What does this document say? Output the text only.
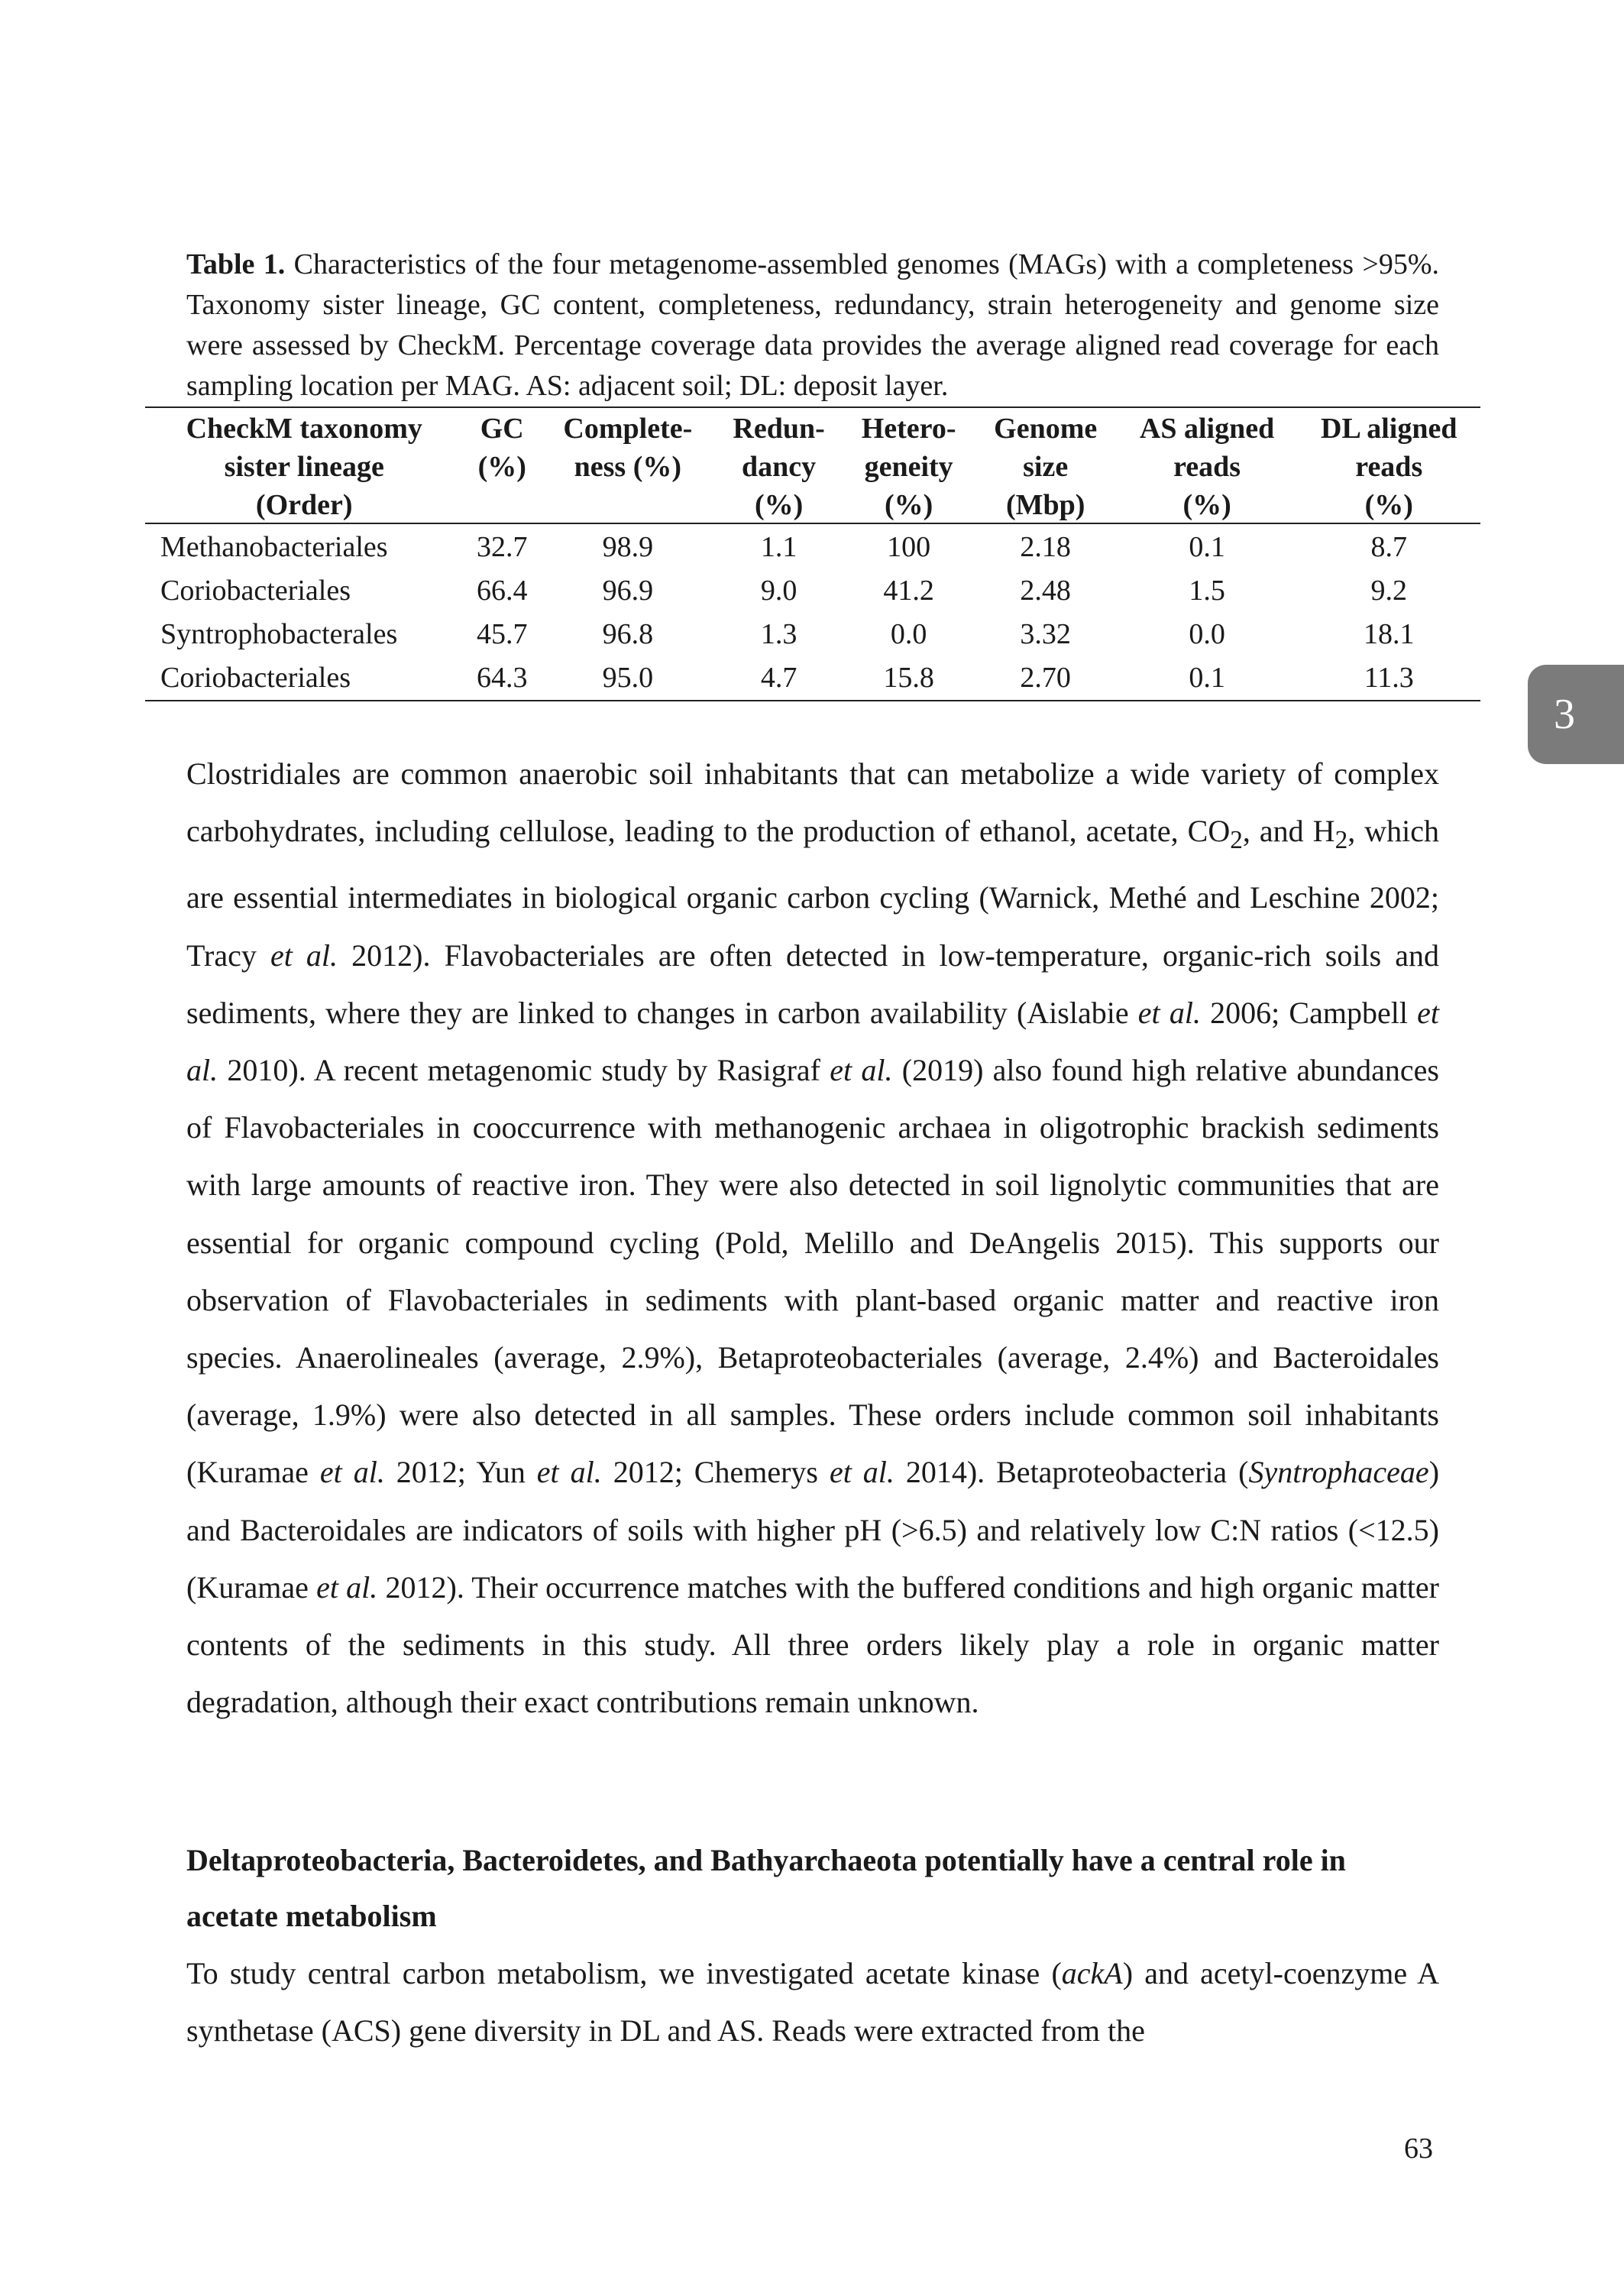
Table 1. Characteristics of the four metagenome-assembled genomes (MAGs) with a completeness >95%. Taxonomy sister lineage, GC content, completeness, redundancy, strain heterogeneity and genome size were assessed by CheckM. Percentage coverage data provides the average aligned read coverage for each sampling location per MAG. AS: adjacent soil; DL: deposit layer.
CheckM taxonomy	GC	Complete-	Redun-	Hetero-	Genome	AS aligned	DL aligned
sister lineage	(%)	ness (%)	dancy	geneity	size	reads	reads
(Order)			(%)	(%)	(Mbp)	(%)	(%)
Methanobacteriales	32.7	98.9	1.1	100	2.18	0.1	8.7
Coriobacteriales	66.4	96.9	9.0	41.2	2.48	1.5	9.2
Syntrophobacterales	45.7	96.8	1.3	0.0	3.32	0.0	18.1
Coriobacteriales	64.3	95.0	4.7	15.8	2.70	0.1	11.3
3

Clostridiales are common anaerobic soil inhabitants that can metabolize a wide variety of complex carbohydrates, including cellulose, leading to the production of ethanol, acetate, $CO_2$, and $H_2$, which are essential intermediates in biological organic carbon cycling (Warnick, Methé and Leschine 2002; Tracy et al. 2012). Flavobacteriales are often detected in low-temperature, organic-rich soils and sediments, where they are linked to changes in carbon availability (Aislabie et al. 2006; Campbell et al. 2010). A recent metagenomic study by Rasigraf et al. (2019) also found high relative abundances of Flavobacteriales in cooccurrence with methanogenic archaea in oligotrophic brackish sediments with large amounts of reactive iron. They were also detected in soil lignolytic communities that are essential for organic compound cycling (Pold, Melillo and DeAngelis 2015). This supports our observation of Flavobacteriales in sediments with plant-based organic matter and reactive iron species. Anaerolineales (average, 2.9%), Betaproteobacteriales (average, 2.4%) and Bacteroidales (average, 1.9%) were also detected in all samples. These orders include common soil inhabitants (Kuramae et al. 2012; Yun et al. 2012; Chemerys et al. 2014). Betaproteobacteria (Syntrophaceae) and Bacteroidales are indicators of soils with higher pH (>6.5) and relatively low C:N ratios (<12.5) (Kuramae et al. 2012). Their occurrence matches with the buffered conditions and high organic matter contents of the sediments in this study. All three orders likely play a role in organic matter degradation, although their exact contributions remain unknown.

Deltaproteobacteria, Bacteroidetes, and Bathyarchaeota potentially have a central role in acetate metabolism

To study central carbon metabolism, we investigated acetate kinase (ackA) and acetyl-coenzyme A synthetase (ACS) gene diversity in DL and AS. Reads were extracted from the

63
